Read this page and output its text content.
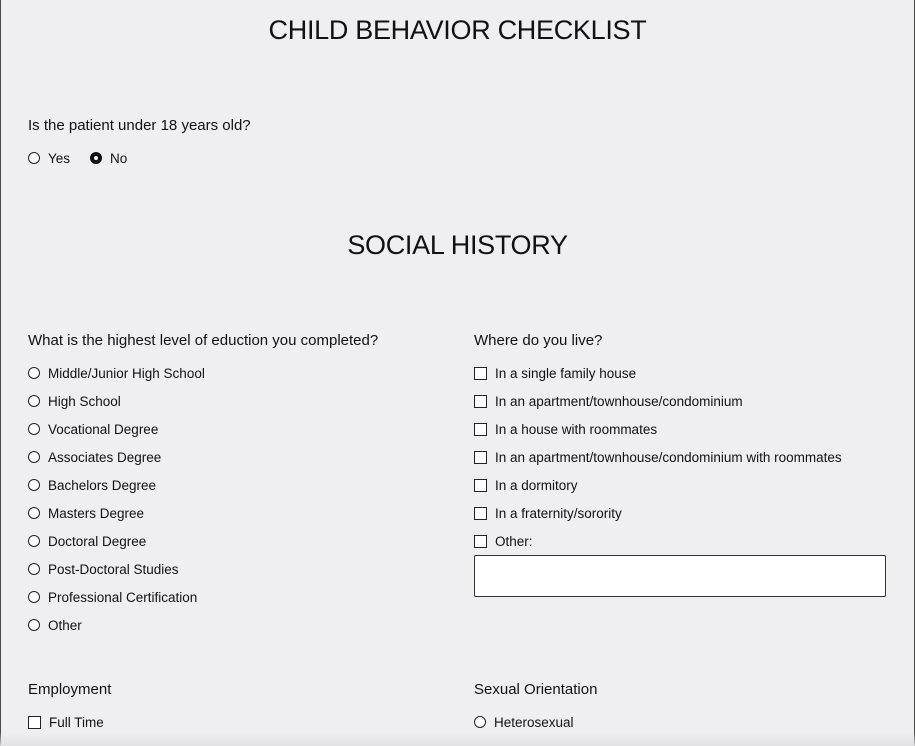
CHILD BEHAVIOR CHECKLIST

Is the patient under 18 years old?

Yes	No
SOCIAL HISTORY

What is the highest level of eduction you completed?

Middle/Junior High School
High School
Vocational Degree
Associates Degree
Bachelors Degree
Masters Degree
Doctoral Degree
Post-Doctoral Studies
Professional Certification
Other

Where do you live?

In a single family house
In an apartment/townhouse/condominium
In a house with roommates
In an apartment/townhouse/condominium with roommates
In a dormitory
In a fraternity/sorority
Other:

Employment

Full Time

Sexual Orientation

Heterosexual
